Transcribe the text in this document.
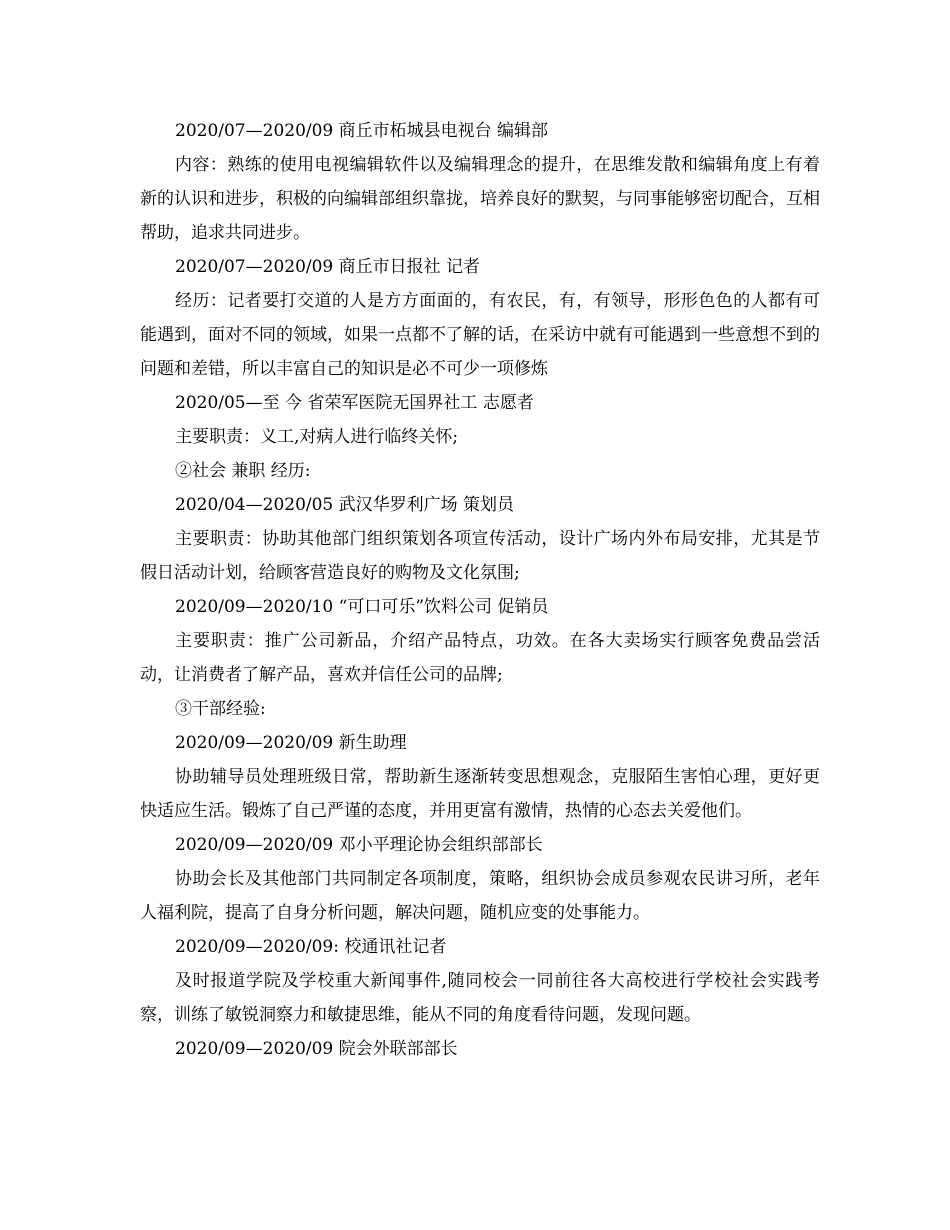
2020/07—2020/09 商丘市柘城县电视台 编辑部

内容：熟练的使用电视编辑软件以及编辑理念的提升，在思维发散和编辑角度上有着新的认识和进步，积极的向编辑部组织靠拢，培养良好的默契，与同事能够密切配合，互相帮助，追求共同进步。

2020/07—2020/09 商丘市日报社 记者

经历：记者要打交道的人是方方面面的，有农民，有，有领导，形形色色的人都有可能遇到，面对不同的领域，如果一点都不了解的话，在采访中就有可能遇到一些意想不到的问题和差错，所以丰富自己的知识是必不可少一项修炼

2020/05—至 今 省荣军医院无国界社工 志愿者

主要职责：义工,对病人进行临终关怀;

②社会 兼职 经历:

2020/04—2020/05 武汉华罗利广场 策划员

主要职责：协助其他部门组织策划各项宣传活动，设计广场内外布局安排，尤其是节假日活动计划，给顾客营造良好的购物及文化氛围;

2020/09—2020/10 “可口可乐”饮料公司 促销员

主要职责：推广公司新品，介绍产品特点，功效。在各大卖场实行顾客免费品尝活动，让消费者了解产品，喜欢并信任公司的品牌;

③干部经验:

2020/09—2020/09 新生助理

协助辅导员处理班级日常，帮助新生逐渐转变思想观念，克服陌生害怕心理，更好更快适应生活。锻炼了自己严谨的态度，并用更富有激情，热情的心态去关爱他们。

2020/09—2020/09 邓小平理论协会组织部部长

协助会长及其他部门共同制定各项制度，策略，组织协会成员参观农民讲习所，老年人福利院，提高了自身分析问题，解决问题，随机应变的处事能力。

2020/09—2020/09: 校通讯社记者

及时报道学院及学校重大新闻事件,随同校会一同前往各大高校进行学校社会实践考察，训练了敏锐洞察力和敏捷思维，能从不同的角度看待问题，发现问题。

2020/09—2020/09 院会外联部部长
